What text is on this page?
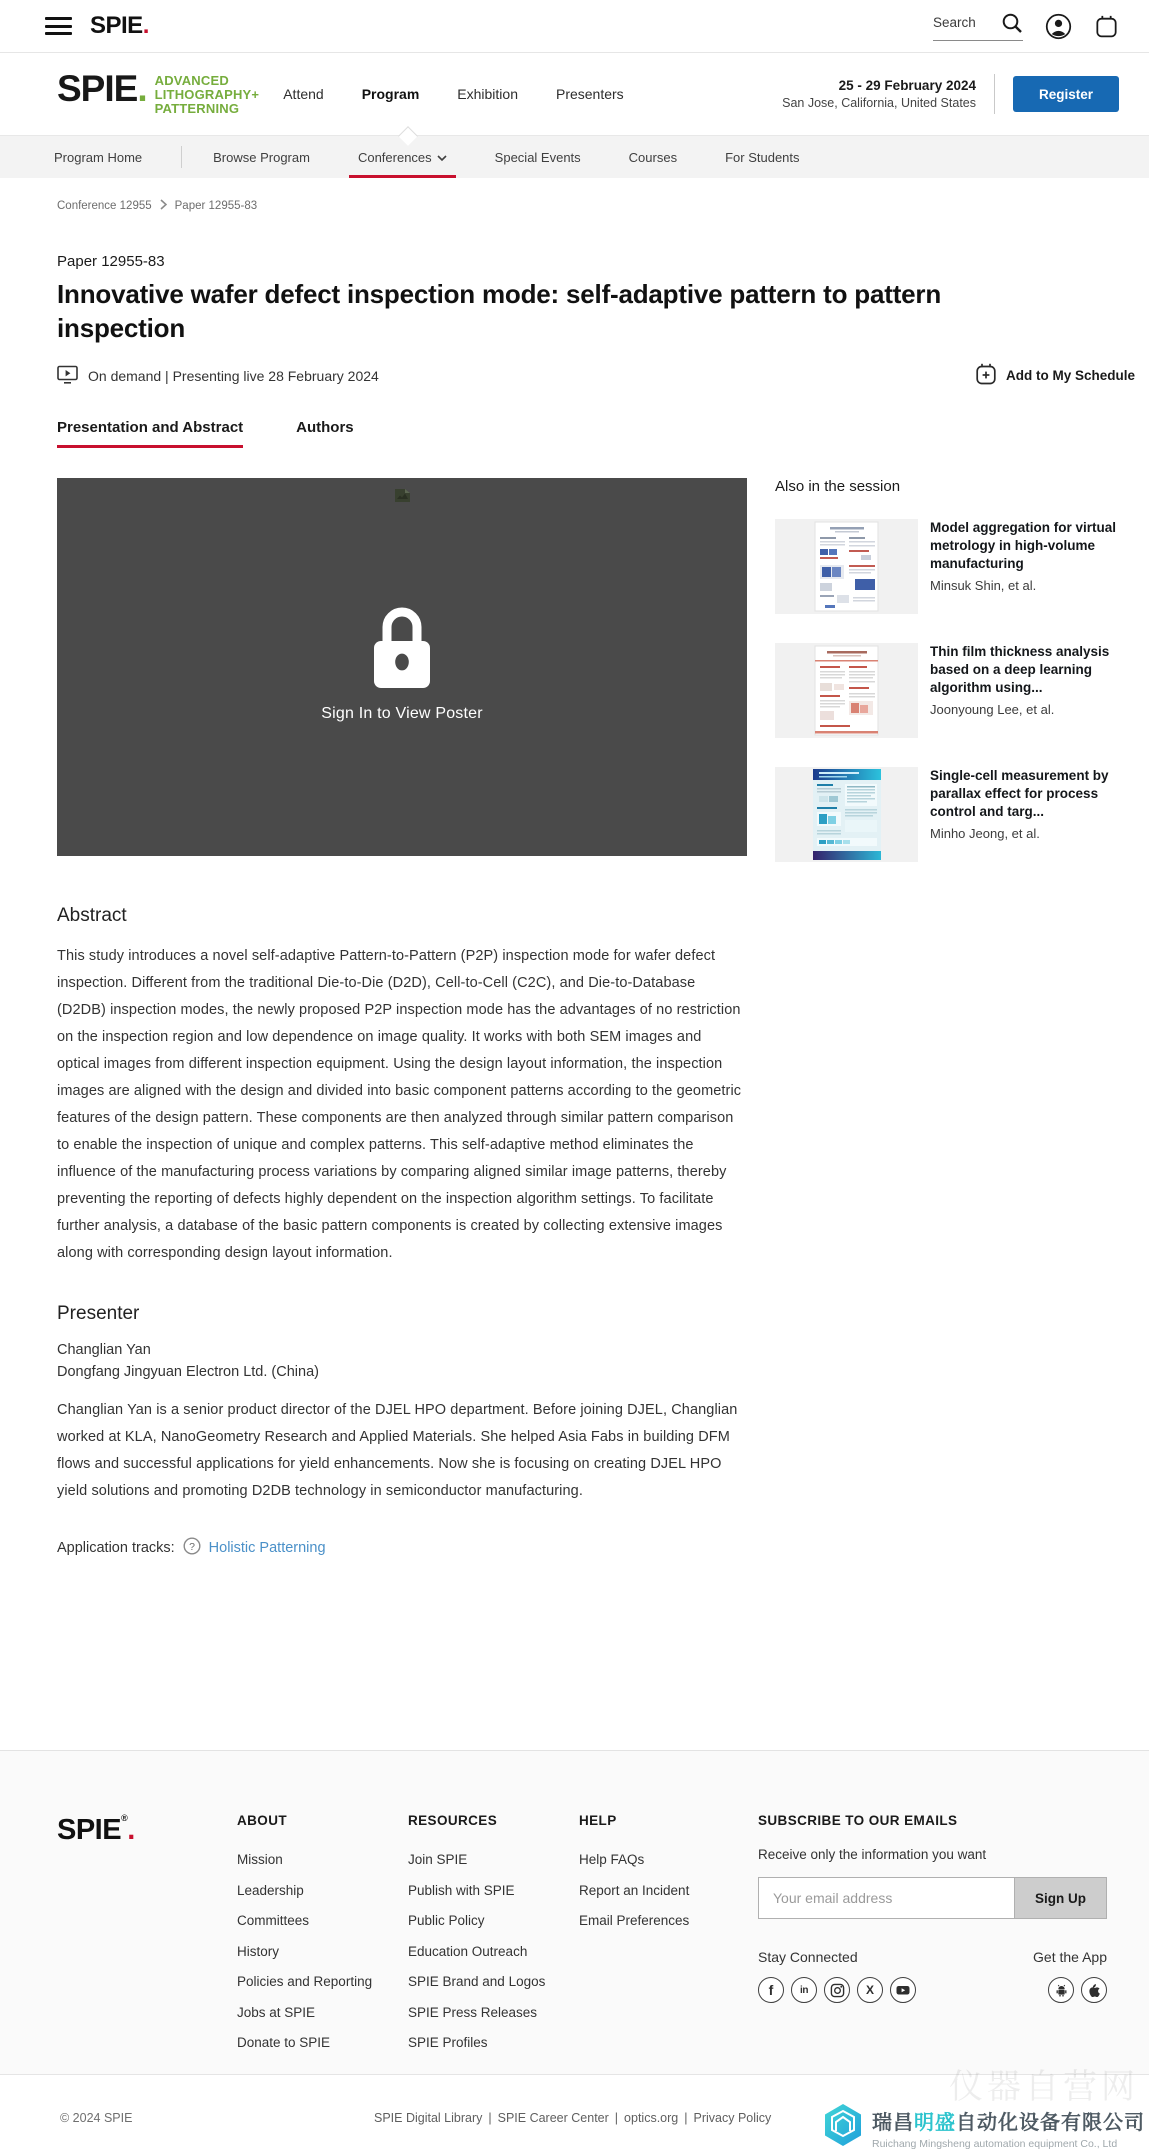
SPIE.
Search
SPIE. ADVANCED
LITHOGRAPHY+
PATTERNING
Attend	Program	Exhibition	Presenters
25 - 29 February 2024
San Jose, California, United States
Register
Program Home	Browse Program	Conferences	Special Events	Courses	For Students
Conference 12955 Paper 12955-83
Paper 12955-83
Innovative wafer defect inspection mode: self-adaptive pattern to pattern inspection
On demand | Presenting live 28 February 2024	Add to My Schedule
Presentation and Abstract	Authors
Sign In to View Poster
Also in the session
Model aggregation for virtual metrology in high-volume manufacturing
Minsuk Shin, et al.
Thin film thickness analysis based on a deep learning algorithm using...
Joonyoung Lee, et al.
Single-cell measurement by parallax effect for process control and targ...
Minho Jeong, et al.
Abstract

This study introduces a novel self-adaptive Pattern-to-Pattern (P2P) inspection mode for wafer defect inspection. Different from the traditional Die-to-Die (D2D), Cell-to-Cell (C2C), and Die-to-Database (D2DB) inspection modes, the newly proposed P2P inspection mode has the advantages of no restriction on the inspection region and low dependence on image quality. It works with both SEM images and optical images from different inspection equipment. Using the design layout information, the inspection images are aligned with the design and divided into basic component patterns according to the geometric features of the design pattern. These components are then analyzed through similar pattern comparison to enable the inspection of unique and complex patterns. This self-adaptive method eliminates the influence of the manufacturing process variations by comparing aligned similar image patterns, thereby preventing the reporting of defects highly dependent on the inspection algorithm settings. To facilitate further analysis, a database of the basic pattern components is created by collecting extensive images along with corresponding design layout information.

Presenter
Changlian Yan
Dongfang Jingyuan Electron Ltd. (China)

Changlian Yan is a senior product director of the DJEL HPO department. Before joining DJEL, Changlian worked at KLA, NanoGeometry Research and Applied Materials. She helped Asia Fabs in building DFM flows and successful applications for yield enhancements. Now she is focusing on creating DJEL HPO yield solutions and promoting D2DB technology in semiconductor manufacturing.

Application tracks: ? Holistic Patterning
SPIE®.	ABOUT
Mission
Leadership
Committees
History
Policies and Reporting
Jobs at SPIE
Donate to SPIE
RESOURCES
Join SPIE
Publish with SPIE
Public Policy
Education Outreach
SPIE Brand and Logos
SPIE Press Releases
SPIE Profiles
HELP
Help FAQs
Report an Incident
Email Preferences
SUBSCRIBE TO OUR EMAILS
Receive only the information you want
Your email address
Sign Up
Stay Connected	Get the App
f	in	X
© 2024 SPIE	SPIE Digital Library | SPIE Career Center | optics.org | Privacy Policy
仪器自营网
瑞昌明盛自动化设备有限公司
Ruichang Mingsheng automation equipment Co., Ltd
